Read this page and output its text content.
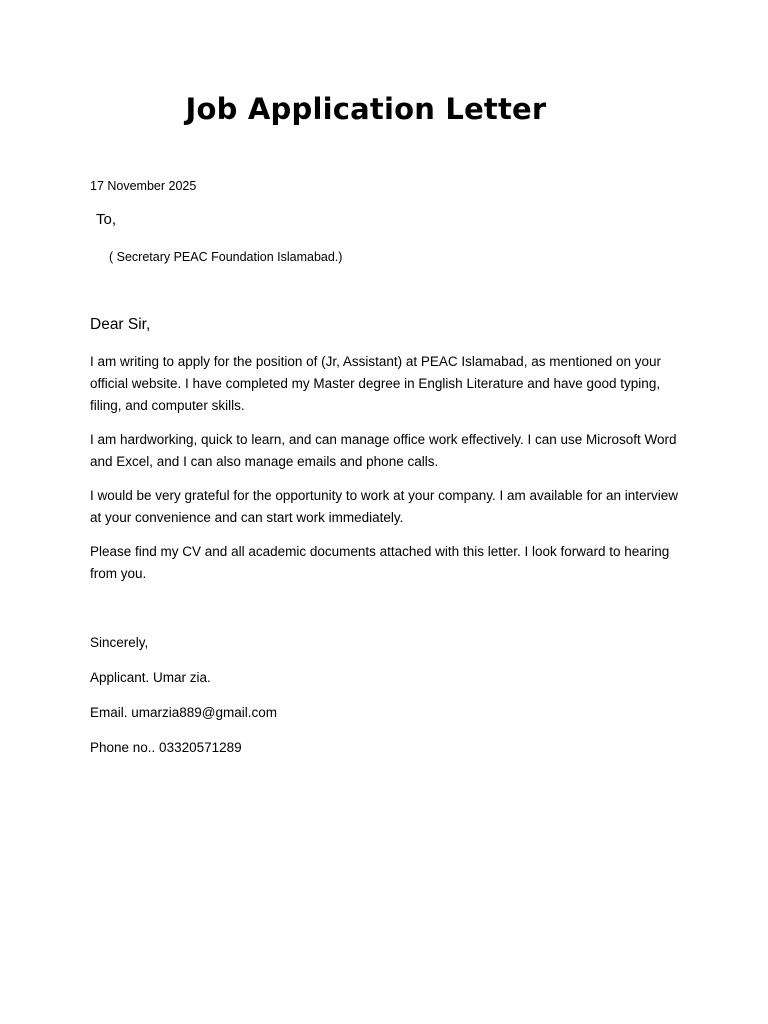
Job Application Letter
17 November 2025
To,
( Secretary PEAC Foundation Islamabad.)
Dear Sir,

I am writing to apply for the position of (Jr, Assistant) at PEAC Islamabad, as mentioned on your official website. I have completed my Master degree in English Literature and have good typing, filing, and computer skills.

I am hardworking, quick to learn, and can manage office work effectively. I can use Microsoft Word and Excel, and I can also manage emails and phone calls.

I would be very grateful for the opportunity to work at your company. I am available for an interview at your convenience and can start work immediately.

Please find my CV and all academic documents attached with this letter. I look forward to hearing from you.

Sincerely,
Applicant. Umar zia.
Email. umarzia889@gmail.com
Phone no.. 03320571289
